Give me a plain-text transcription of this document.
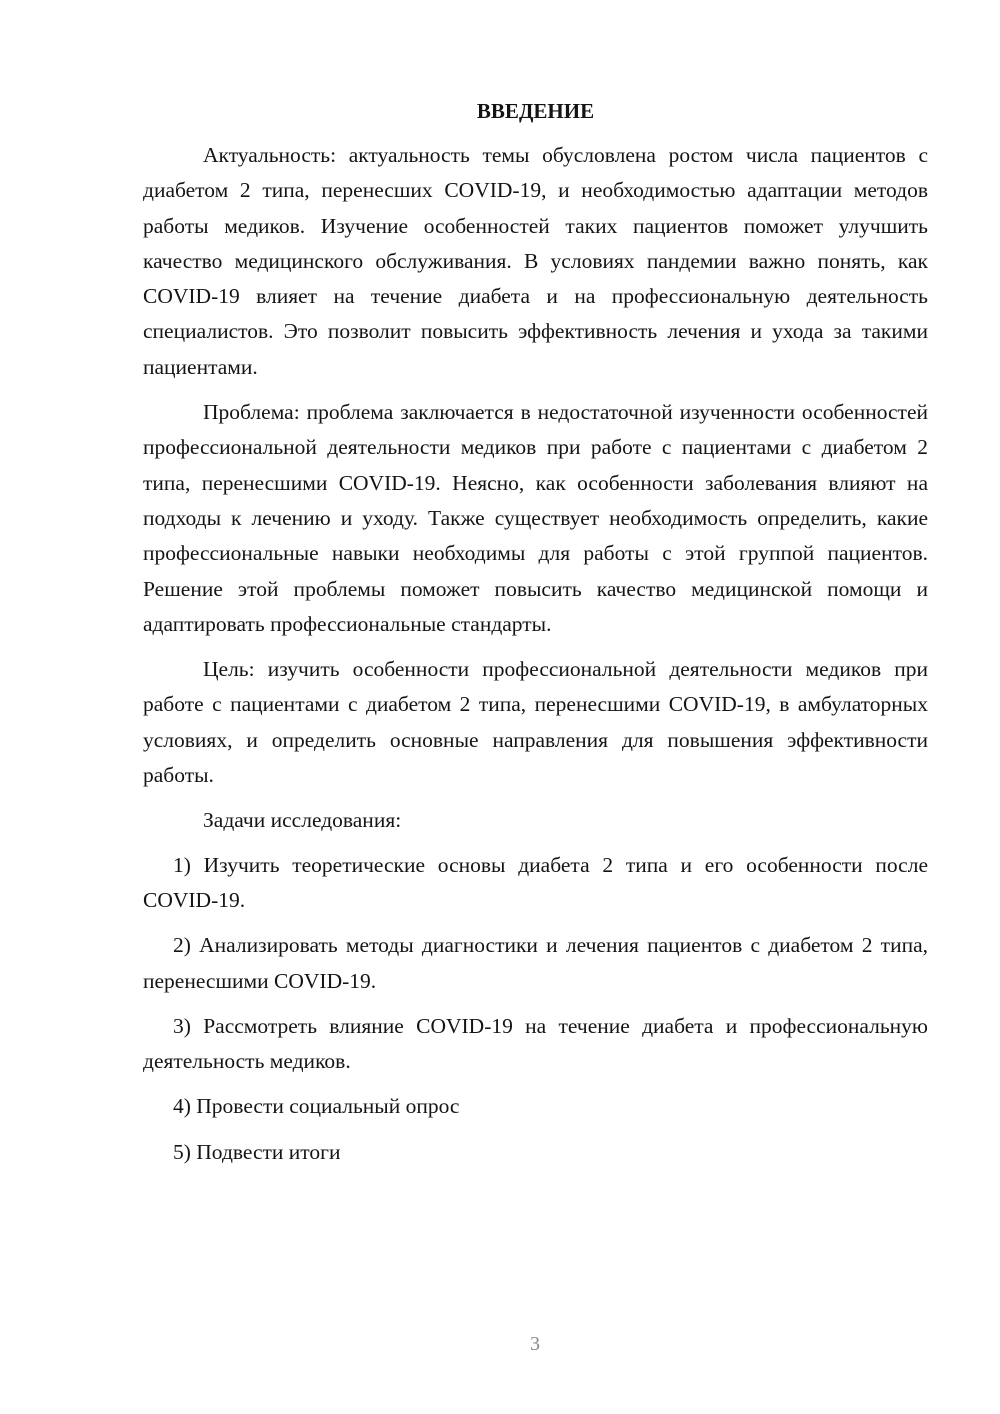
ВВЕДЕНИЕ

Актуальность: актуальность темы обусловлена ростом числа пациентов с диабетом 2 типа, перенесших COVID-19, и необходимостью адаптации методов работы медиков. Изучение особенностей таких пациентов поможет улучшить качество медицинского обслуживания. В условиях пандемии важно понять, как COVID-19 влияет на течение диабета и на профессиональную деятельность специалистов. Это позволит повысить эффективность лечения и ухода за такими пациентами.

Проблема: проблема заключается в недостаточной изученности особенностей профессиональной деятельности медиков при работе с пациентами с диабетом 2 типа, перенесшими COVID-19. Неясно, как особенности заболевания влияют на подходы к лечению и уходу. Также существует необходимость определить, какие профессиональные навыки необходимы для работы с этой группой пациентов. Решение этой проблемы поможет повысить качество медицинской помощи и адаптировать профессиональные стандарты.

Цель: изучить особенности профессиональной деятельности медиков при работе с пациентами с диабетом 2 типа, перенесшими COVID-19, в амбулаторных условиях, и определить основные направления для повышения эффективности работы.

Задачи исследования:

1) Изучить теоретические основы диабета 2 типа и его особенности после COVID-19.

2) Анализировать методы диагностики и лечения пациентов с диабетом 2 типа, перенесшими COVID-19.

3) Рассмотреть влияние COVID-19 на течение диабета и профессиональную деятельность медиков.

4) Провести социальный опрос

5) Подвести итоги

3
